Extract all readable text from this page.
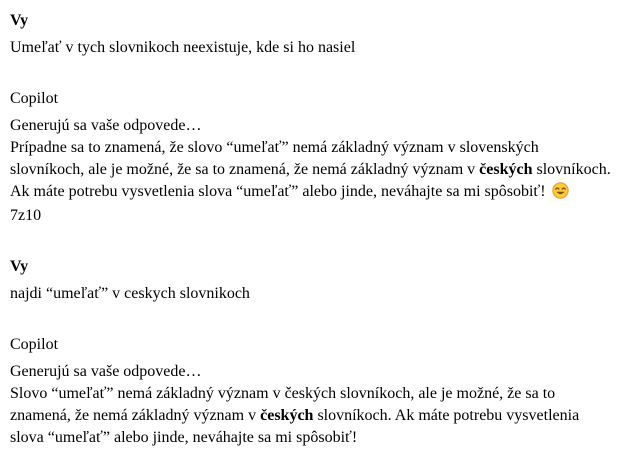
Vy

Umeľať v tych slovnikoch neexistuje, kde si ho nasiel

Copilot

Generujú sa vaše odpovede…
Prípadne sa to znamená, že slovo “umeľať” nemá základný význam v slovenských
slovníkoch, ale je možné, že sa to znamená, že nemá základný význam v českých slovníkoch.
Ak máte potrebu vysvetlenia slova “umeľať” alebo jinde, neváhajte sa mi spôsobiť!

7z10

Vy

najdi “umeľať” v ceskych slovnikoch

Copilot

Generujú sa vaše odpovede…
Slovo “umeľať” nemá základný význam v českých slovníkoch, ale je možné, že sa to
znamená, že nemá základný význam v českých slovníkoch. Ak máte potrebu vysvetlenia
slova “umeľať” alebo jinde, neváhajte sa mi spôsobiť!
